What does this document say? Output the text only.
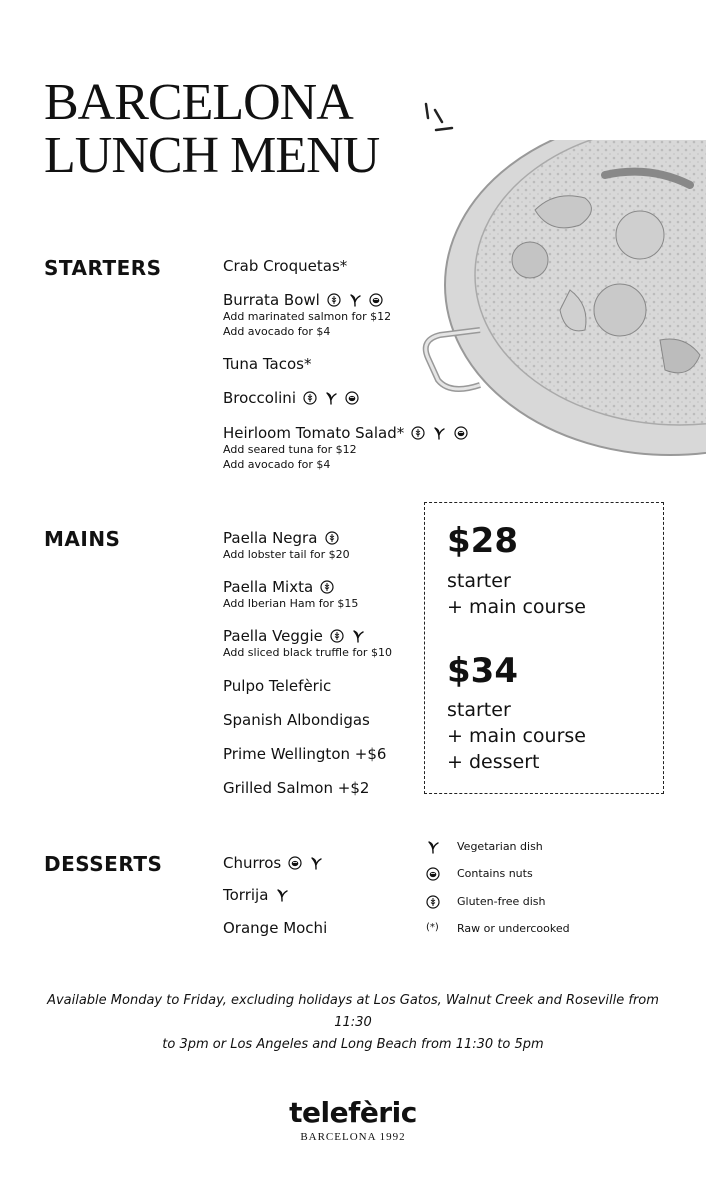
BARCELONA
LUNCH MENU
STARTERS	Crab Croquetas*
Burrata Bowl
Add marinated salmon for $12
Add avocado for $4
Tuna Tacos*
Broccolini
Heirloom Tomato Salad*
Add seared tuna for $12
Add avocado for $4
MAINS	Paella Negra
Add lobster tail for $20
Paella Mixta
Add Iberian Ham for $15
Paella Veggie
Add sliced black truffle for $10
Pulpo Telefèric
Spanish Albondigas
Prime Wellington +$6
Grilled Salmon +$2
$28
starter
+ main course
$34
starter
+ main course
+ dessert
DESSERTS	Churros
Torrija
Orange Mochi
Vegetarian dish
Contains nuts
Gluten-free dish
(*) Raw or undercooked

Available Monday to Friday, excluding holidays at Los Gatos, Walnut Creek and Roseville from 11:30
to 3pm or Los Angeles and Long Beach from 11:30 to 5pm

telefèric
BARCELONA 1992
